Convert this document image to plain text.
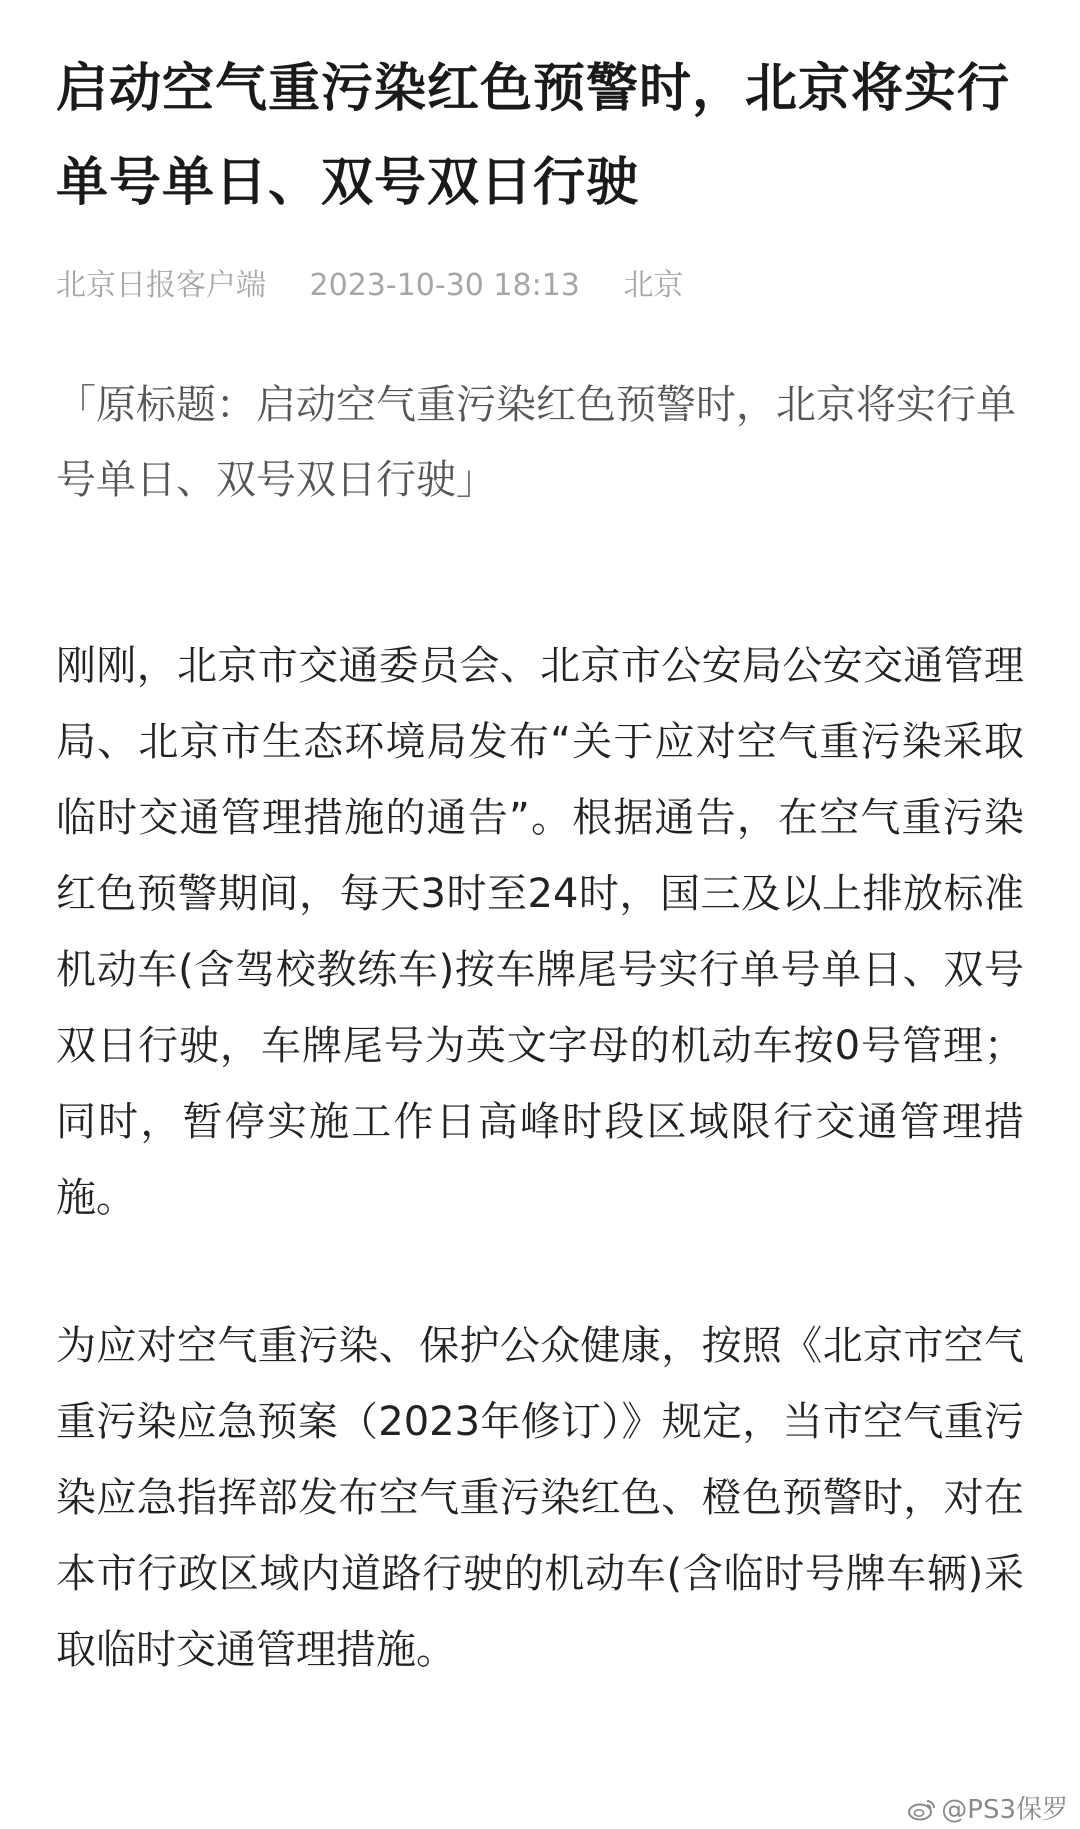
启动空气重污染红色预警时，北京将实行单号单日、双号双日行驶
北京日报客户端 2023-10-30 18:13 北京
「原标题：启动空气重污染红色预警时，北京将实行单号单日、双号双日行驶」

刚刚，北京市交通委员会、北京市公安局公安交通管理局、北京市生态环境局发布“关于应对空气重污染采取临时交通管理措施的通告”。根据通告，在空气重污染红色预警期间，每天3时至24时，国三及以上排放标准机动车(含驾校教练车)按车牌尾号实行单号单日、双号双日行驶，车牌尾号为英文字母的机动车按0号管理；同时，暂停实施工作日高峰时段区域限行交通管理措施。

为应对空气重污染、保护公众健康，按照《北京市空气重污染应急预案（2023年修订）》规定，当市空气重污染应急指挥部发布空气重污染红色、橙色预警时，对在本市行政区域内道路行驶的机动车(含临时号牌车辆)采取临时交通管理措施。

@PS3保罗
